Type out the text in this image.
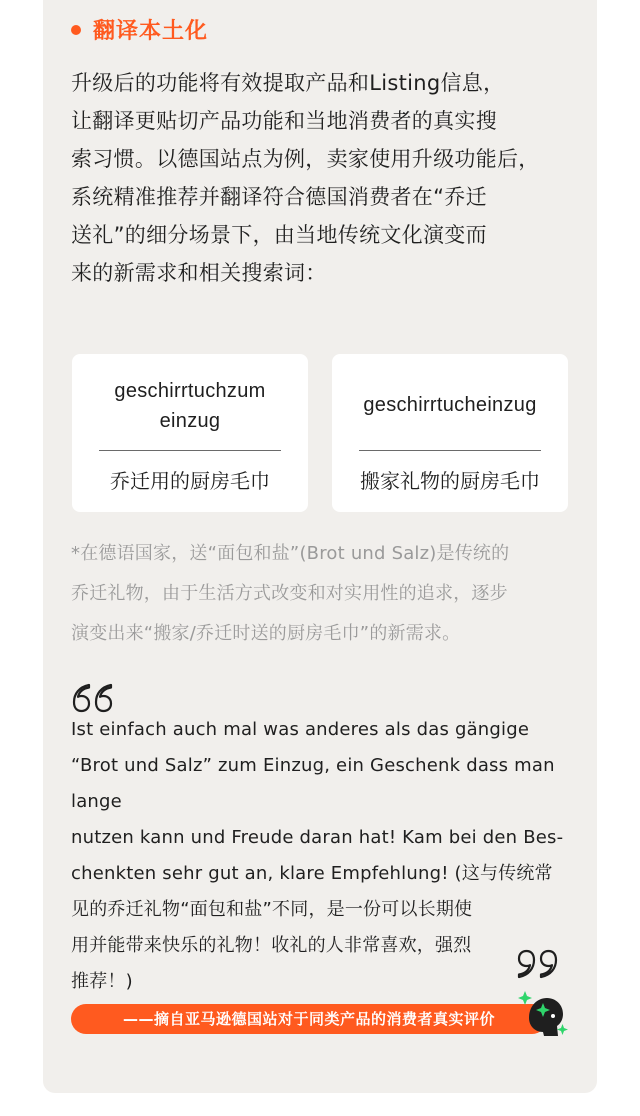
翻译本土化
升级后的功能将有效提取产品和Listing信息，
让翻译更贴切产品功能和当地消费者的真实搜
索习惯。以德国站点为例，卖家使用升级功能后，
系统精准推荐并翻译符合德国消费者在“乔迁
送礼”的细分场景下，由当地传统文化演变而
来的新需求和相关搜索词：
geschirrtuchzum
einzug
乔迁用的厨房毛巾
geschirrtucheinzug
搬家礼物的厨房毛巾
*在德语国家，送“面包和盐”(Brot und Salz)是传统的
乔迁礼物，由于生活方式改变和对实用性的追求，逐步
演变出来“搬家/乔迁时送的厨房毛巾”的新需求。
Ist einfach auch mal was anderes als das gängige
“Brot und Salz” zum Einzug, ein Geschenk dass man lange
nutzen kann und Freude daran hat! Kam bei den Bes-
chenkten sehr gut an, klare Empfehlung! (这与传统常
见的乔迁礼物“面包和盐”不同，是一份可以长期使
用并能带来快乐的礼物！收礼的人非常喜欢，强烈
推荐！)
——摘自亚马逊德国站对于同类产品的消费者真实评价
